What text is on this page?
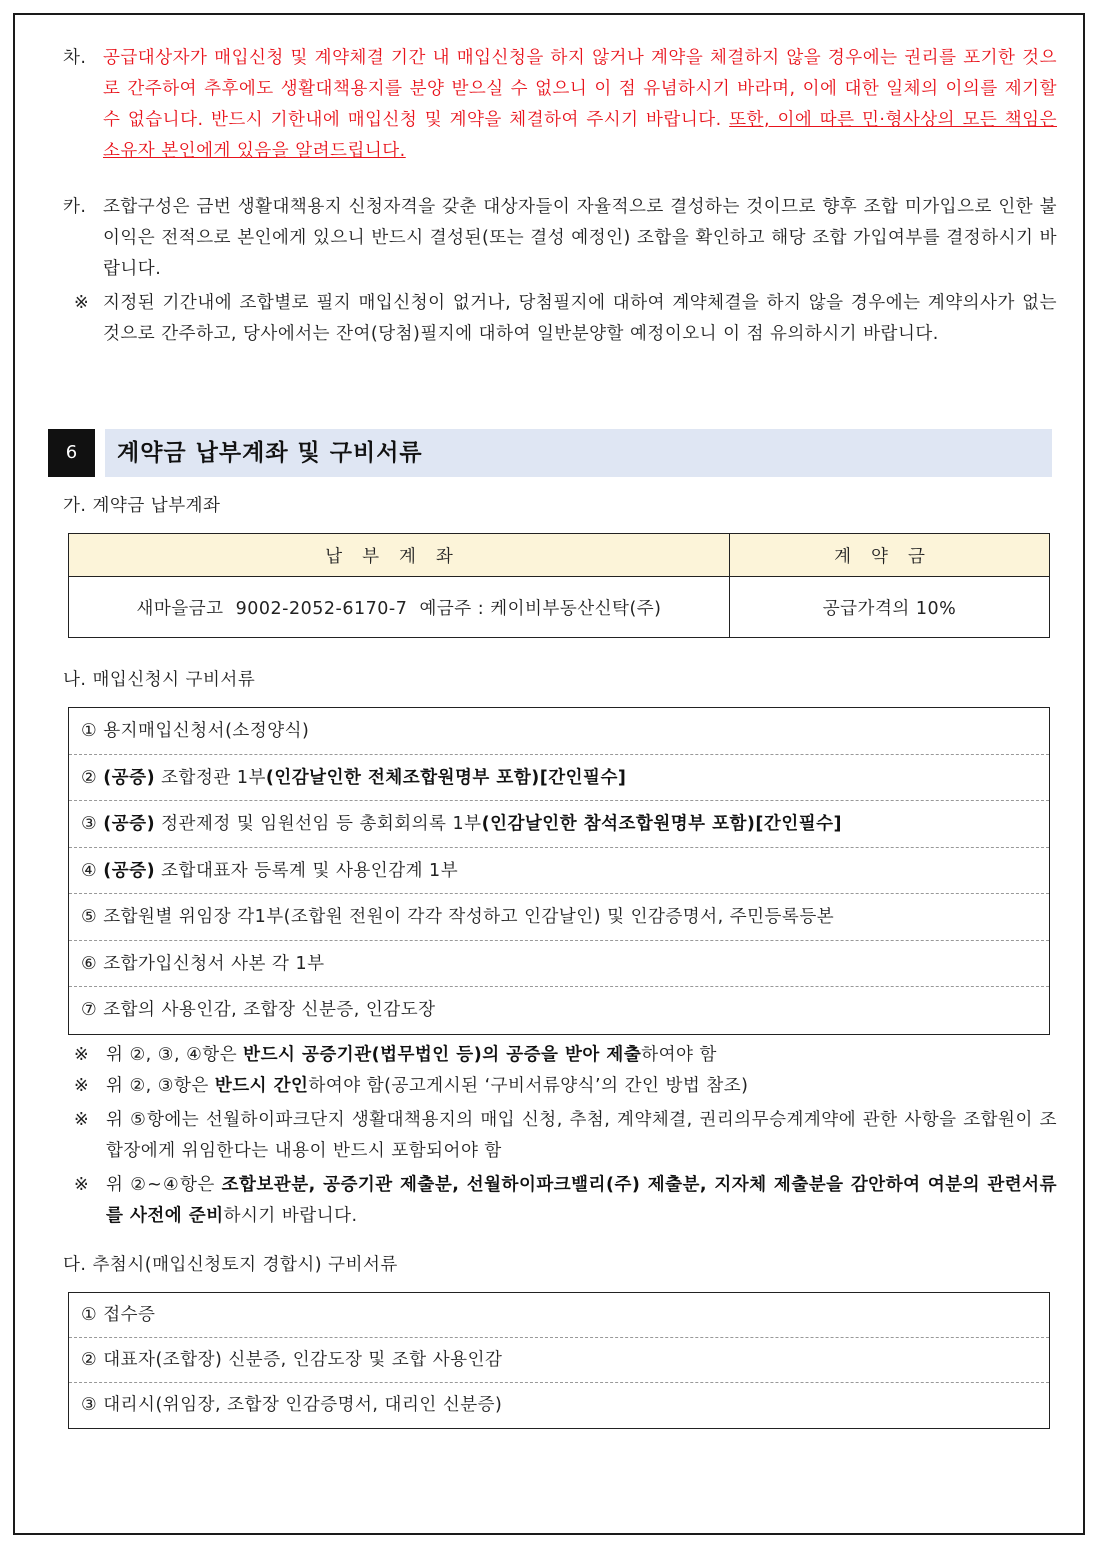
차. 공급대상자가 매입신청 및 계약체결 기간 내 매입신청을 하지 않거나 계약을 체결하지 않을 경우에는 권리를 포기한 것으로 간주하여 추후에도 생활대책용지를 분양 받으실 수 없으니 이 점 유념하시기 바라며, 이에 대한 일체의 이의를 제기할 수 없습니다. 반드시 기한내에 매입신청 및 계약을 체결하여 주시기 바랍니다. 또한, 이에 따른 민·형사상의 모든 책임은 소유자 본인에게 있음을 알려드립니다.
카. 조합구성은 금번 생활대책용지 신청자격을 갖춘 대상자들이 자율적으로 결성하는 것이므로 향후 조합 미가입으로 인한 불이익은 전적으로 본인에게 있으니 반드시 결성된(또는 결성 예정인) 조합을 확인하고 해당 조합 가입여부를 결정하시기 바랍니다.
※ 지정된 기간내에 조합별로 필지 매입신청이 없거나, 당첨필지에 대하여 계약체결을 하지 않을 경우에는 계약의사가 없는 것으로 간주하고, 당사에서는 잔여(당첨)필지에 대하여 일반분양할 예정이오니 이 점 유의하시기 바랍니다.
6	계약금 납부계좌 및 구비서류
가. 계약금 납부계좌
납부계좌	계약금
새마을금고  9002-2052-6170-7  예금주 : 케이비부동산신탁(주)	공급가격의 10%
나. 매입신청시 구비서류
① 용지매입신청서(소정양식)
② (공증) 조합정관 1부(인감날인한 전체조합원명부 포함)[간인필수]
③ (공증) 정관제정 및 임원선임 등 총회회의록 1부(인감날인한 참석조합원명부 포함)[간인필수]
④ (공증) 조합대표자 등록계 및 사용인감계 1부
⑤ 조합원별 위임장 각1부(조합원 전원이 각각 작성하고 인감날인) 및 인감증명서, 주민등록등본
⑥ 조합가입신청서 사본 각 1부
⑦ 조합의 사용인감, 조합장 신분증, 인감도장
※ 위 ②, ③, ④항은 반드시 공증기관(법무법인 등)의 공증을 받아 제출하여야 함
※ 위 ②, ③항은 반드시 간인하여야 함(공고게시된 ‘구비서류양식’의 간인 방법 참조)
※ 위 ⑤항에는 선월하이파크단지 생활대책용지의 매입 신청, 추첨, 계약체결, 권리의무승계계약에 관한 사항을 조합원이 조합장에게 위임한다는 내용이 반드시 포함되어야 함
※ 위 ②~④항은 조합보관분, 공증기관 제출분, 선월하이파크밸리(주) 제출분, 지자체 제출분을 감안하여 여분의 관련서류를 사전에 준비하시기 바랍니다.
다. 추첨시(매입신청토지 경합시) 구비서류
① 접수증
② 대표자(조합장) 신분증, 인감도장 및 조합 사용인감
③ 대리시(위임장, 조합장 인감증명서, 대리인 신분증)
